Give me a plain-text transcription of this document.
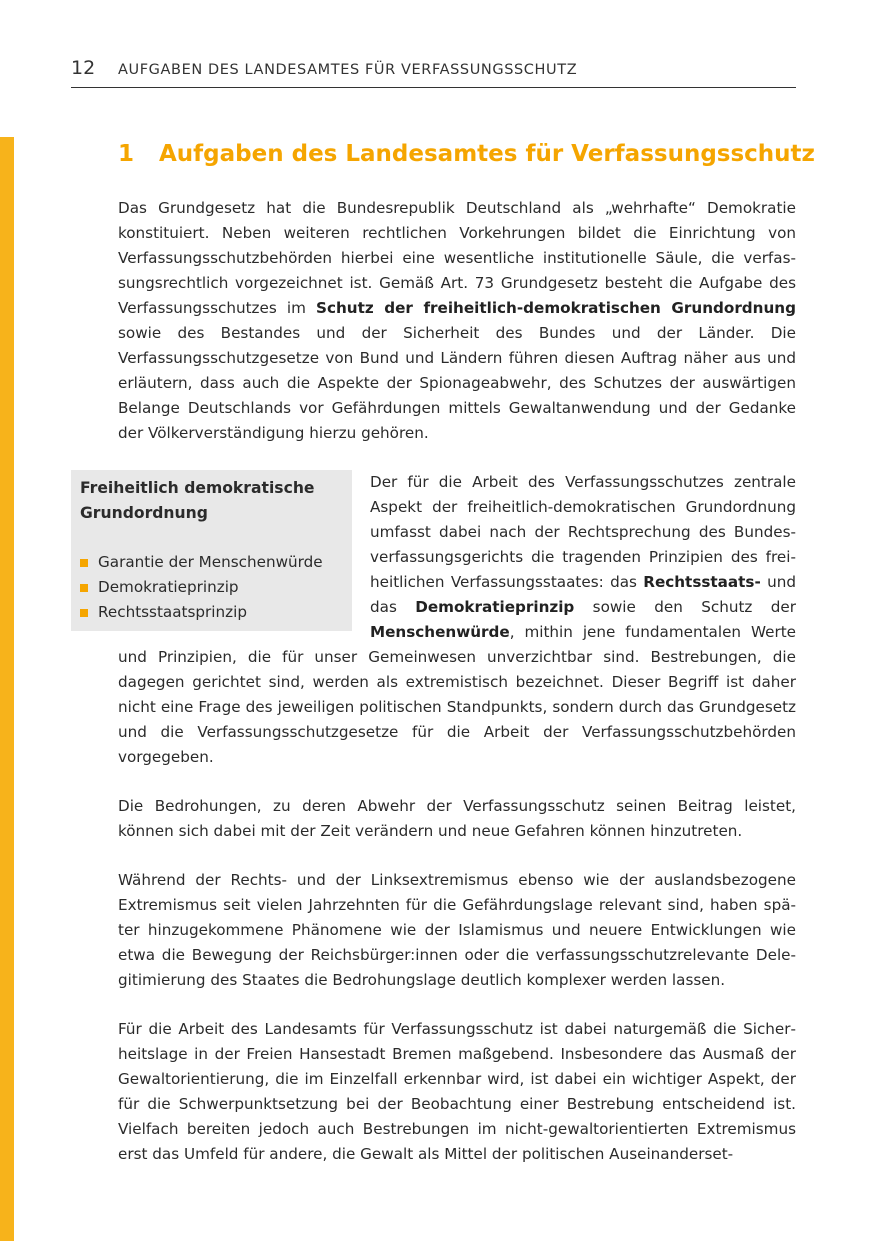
12	AUFGABEN DES LANDESAMTES FÜR VERFASSUNGSSCHUTZ
1	Aufgaben des Landesamtes für Verfassungsschutz

Das Grundgesetz hat die Bundesrepublik Deutschland als „wehrhafte“ Demokratie konstituiert. Neben weiteren rechtlichen Vorkehrungen bildet die Einrichtung von Verfassungsschutzbehörden hierbei eine wesentliche institutionelle Säule, die verfassungsrechtlich vorgezeichnet ist. Gemäß Art. 73 Grundgesetz besteht die Aufgabe des Verfassungsschutzes im Schutz der freiheitlich-demokratischen Grundordnung sowie des Bestandes und der Sicherheit des Bundes und der Länder. Die Verfassungsschutzgesetze von Bund und Ländern führen diesen Auftrag näher aus und erläutern, dass auch die Aspekte der Spionageabwehr, des Schutzes der auswärtigen Belange Deutschlands vor Gefährdungen mittels Gewaltanwendung und der Gedanke der Völkerverständigung hierzu gehören.

Freiheitlich demokratische Grundordnung

Garantie der Menschenwürde
Demokratieprinzip
Rechtsstaatsprinzip

Der für die Arbeit des Verfassungsschutzes zentrale Aspekt der freiheitlich-demokratischen Grundordnung umfasst dabei nach der Rechtsprechung des Bundesverfassungsgerichts die tragenden Prinzipien des freiheitlichen Verfassungsstaates: das Rechtsstaats- und das Demokratieprinzip sowie den Schutz der Menschenwürde, mithin jene fundamentalen Werte und Prinzipien, die für unser Gemeinwesen unverzichtbar sind. Bestrebungen, die dagegen gerichtet sind, werden als extremistisch bezeichnet. Dieser Begriff ist daher nicht eine Frage des jeweiligen politischen Standpunkts, sondern durch das Grundgesetz und die Verfassungsschutzgesetze für die Arbeit der Verfassungsschutzbehörden vorgegeben.

Die Bedrohungen, zu deren Abwehr der Verfassungsschutz seinen Beitrag leistet, können sich dabei mit der Zeit verändern und neue Gefahren können hinzutreten.

Während der Rechts- und der Linksextremismus ebenso wie der auslandsbezogene Extremismus seit vielen Jahrzehnten für die Gefährdungslage relevant sind, haben später hinzugekommene Phänomene wie der Islamismus und neuere Entwicklungen wie etwa die Bewegung der Reichsbürger:innen oder die verfassungsschutzrelevante Delegitimierung des Staates die Bedrohungslage deutlich komplexer werden lassen.

Für die Arbeit des Landesamts für Verfassungsschutz ist dabei naturgemäß die Sicherheitslage in der Freien Hansestadt Bremen maßgebend. Insbesondere das Ausmaß der Gewaltorientierung, die im Einzelfall erkennbar wird, ist dabei ein wichtiger Aspekt, der für die Schwerpunktsetzung bei der Beobachtung einer Bestrebung entscheidend ist. Vielfach bereiten jedoch auch Bestrebungen im nicht-gewaltorientierten Extremismus erst das Umfeld für andere, die Gewalt als Mittel der politischen Auseinanderset-
